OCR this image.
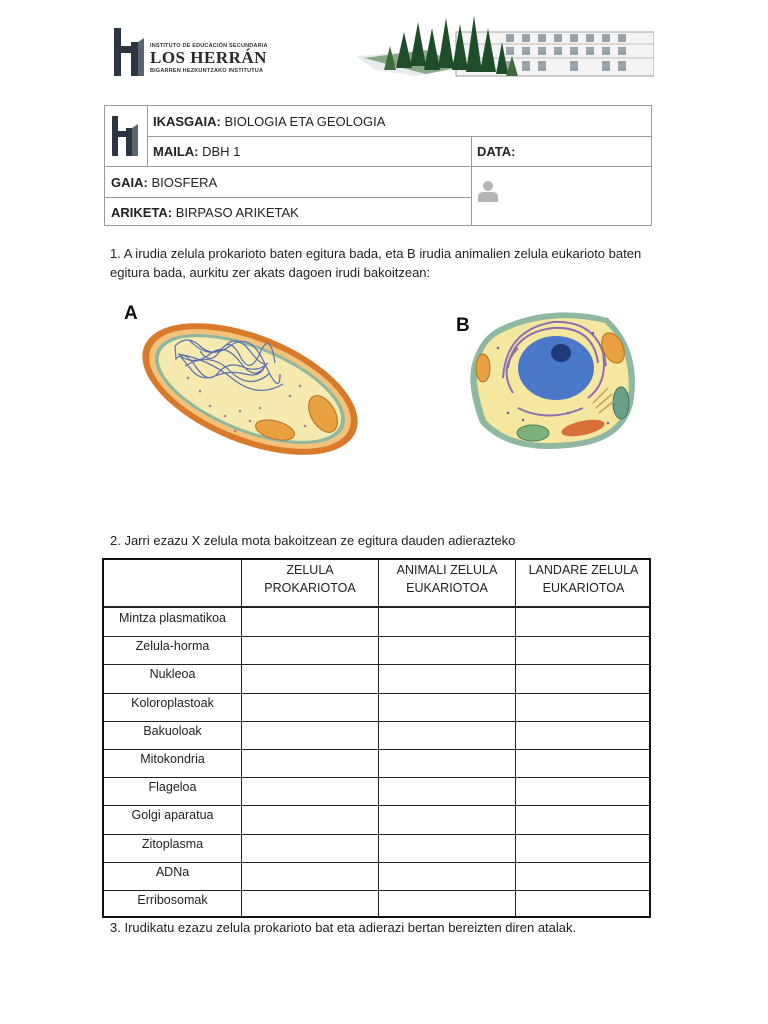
INSTITUTO DE EDUCACIÓN SECUNDARIA
LOS HERRÁN
BIGARREN HEZKUNTZAKO INSTITUTUA
IKASGAIA: BIOLOGIA ETA GEOLOGIA
MAILA: DBH 1	DATA:
GAIA: BIOSFERA
ARIKETA: BIRPASO ARIKETAK
1. A irudia zelula prokarioto baten egitura bada, eta B irudia animalien zelula eukarioto baten
egitura bada, aurkitu zer akats dagoen irudi bakoitzean:
A
B
2. Jarri ezazu X zelula mota bakoitzean ze egitura dauden adierazteko
ZELULA
PROKARIOTOA
ANIMALI ZELULA
EUKARIOTOA
LANDARE ZELULA
EUKARIOTOA
Mintza plasmatikoa
Zelula-horma
Nukleoa
Koloroplastoak
Bakuoloak
Mitokondria
Flageloa
Golgi aparatua
Zitoplasma
ADNa
Erribosomak
3. Irudikatu ezazu zelula prokarioto bat eta adierazi bertan bereizten diren atalak.
